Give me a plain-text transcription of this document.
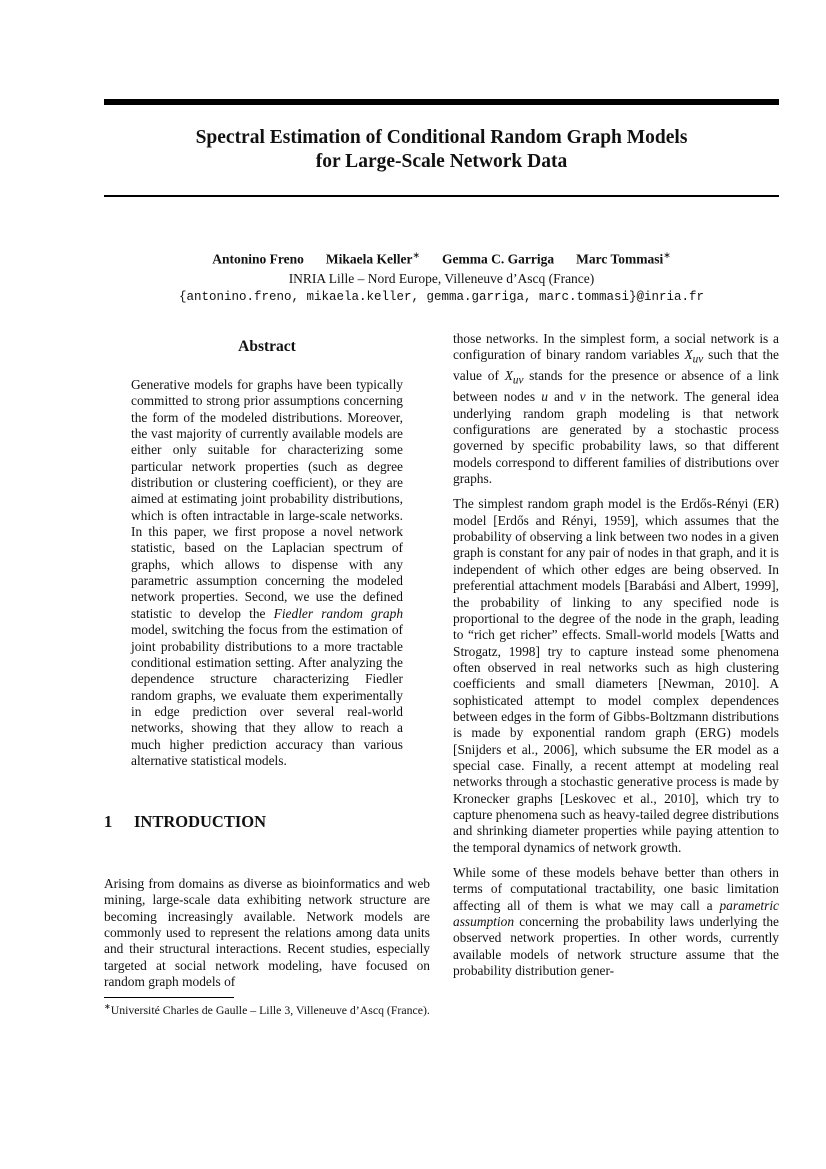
Spectral Estimation of Conditional Random Graph Models
for Large-Scale Network Data
Antonino Freno Mikaela Keller∗ Gemma C. Garriga Marc Tommasi∗
INRIA Lille – Nord Europe, Villeneuve d’Ascq (France)
{antonino.freno, mikaela.keller, gemma.garriga, marc.tommasi}@inria.fr
Abstract
Generative models for graphs have been typically committed to strong prior assumptions concerning the form of the modeled distributions. Moreover, the vast majority of currently available models are either only suitable for characterizing some particular network properties (such as degree distribution or clustering coefficient), or they are aimed at estimating joint probability distributions, which is often intractable in large-scale networks. In this paper, we first propose a novel network statistic, based on the Laplacian spectrum of graphs, which allows to dispense with any parametric assumption concerning the modeled network properties. Second, we use the defined statistic to develop the Fiedler random graph model, switching the focus from the estimation of joint probability distributions to a more tractable conditional estimation setting. After analyzing the dependence structure characterizing Fiedler random graphs, we evaluate them experimentally in edge prediction over several real-world networks, showing that they allow to reach a much higher prediction accuracy than various alternative statistical models.
1 INTRODUCTION

Arising from domains as diverse as bioinformatics and web mining, large-scale data exhibiting network structure are becoming increasingly available. Network models are commonly used to represent the relations among data units and their structural interactions. Recent studies, especially targeted at social network modeling, have focused on random graph models of

∗Université Charles de Gaulle – Lille 3, Villeneuve d’Ascq (France).

those networks. In the simplest form, a social network is a configuration of binary random variables $X_{uv}$ such that the value of $X_{uv}$ stands for the presence or absence of a link between nodes u and v in the network. The general idea underlying random graph modeling is that network configurations are generated by a stochastic process governed by specific probability laws, so that different models correspond to different families of distributions over graphs.

The simplest random graph model is the Erdős-Rényi (ER) model [Erdős and Rényi, 1959], which assumes that the probability of observing a link between two nodes in a given graph is constant for any pair of nodes in that graph, and it is independent of which other edges are being observed. In preferential attachment models [Barabási and Albert, 1999], the probability of linking to any specified node is proportional to the degree of the node in the graph, leading to “rich get richer” effects. Small-world models [Watts and Strogatz, 1998] try to capture instead some phenomena often observed in real networks such as high clustering coefficients and small diameters [Newman, 2010]. A sophisticated attempt to model complex dependences between edges in the form of Gibbs-Boltzmann distributions is made by exponential random graph (ERG) models [Snijders et al., 2006], which subsume the ER model as a special case. Finally, a recent attempt at modeling real networks through a stochastic generative process is made by Kronecker graphs [Leskovec et al., 2010], which try to capture phenomena such as heavy-tailed degree distributions and shrinking diameter properties while paying attention to the temporal dynamics of network growth.

While some of these models behave better than others in terms of computational tractability, one basic limitation affecting all of them is what we may call a parametric assumption concerning the probability laws underlying the observed network properties. In other words, currently available models of network structure assume that the probability distribution gener-
